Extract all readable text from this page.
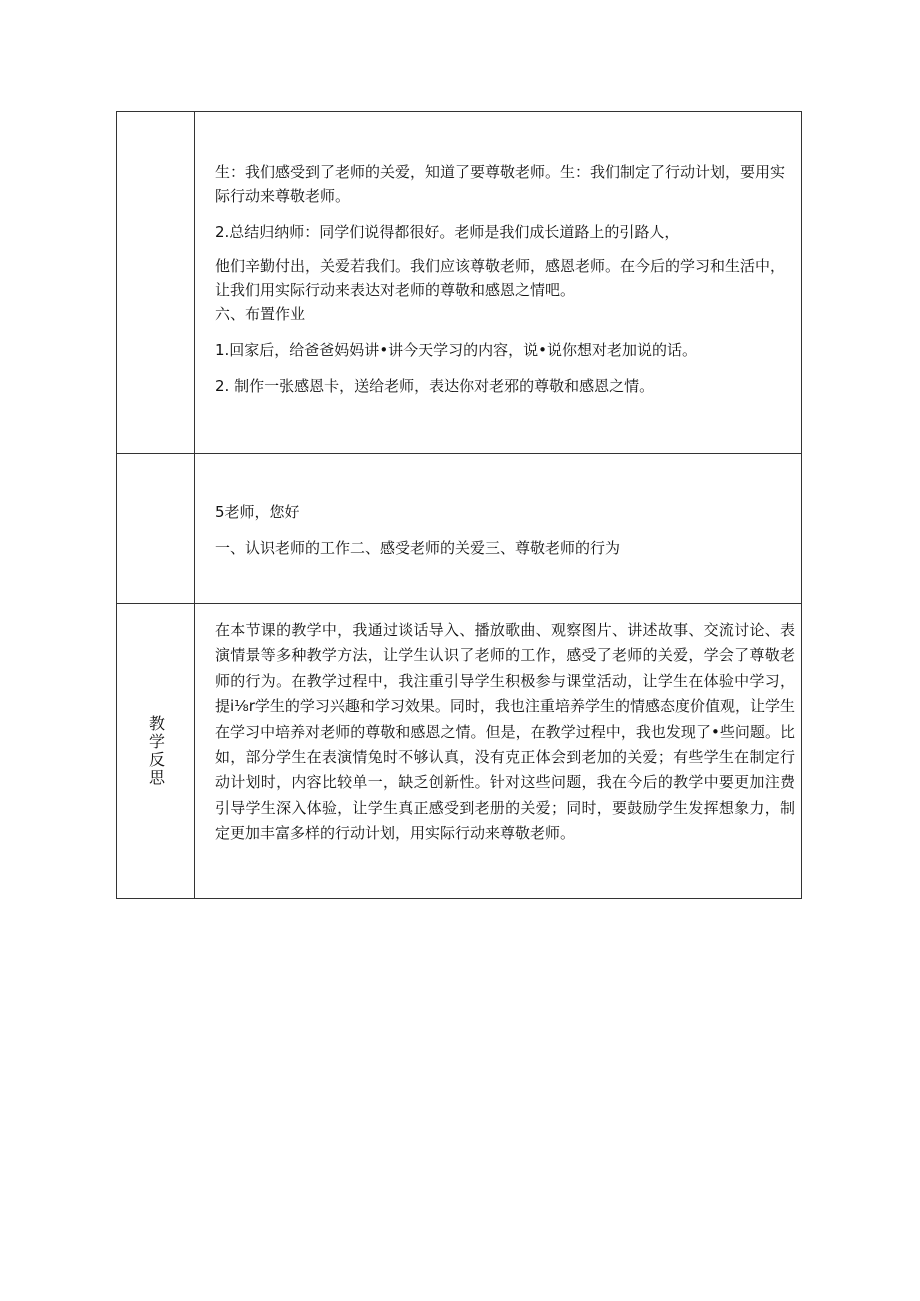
生：我们感受到了老师的关爱，知道了要尊敬老师。生：我们制定了行动计划，要用实际行动来尊敬老师。

2.总结归纳师：同学们说得都很好。老师是我们成长道路上的引路人，

他们辛勤付出，关爱若我们。我们应该尊敬老师，感恩老师。在今后的学习和生活中，让我们用实际行动来表达对老师的尊敬和感恩之情吧。

六、布置作业

1.回家后，给爸爸妈妈讲•讲今天学习的内容，说•说你想对老加说的话。

2. 制作一张感恩卡，送给老师，表达你对老邪的尊敬和感恩之情。

5老师，您好

一、认识老师的工作二、感受老师的关爱三、尊敬老师的行为

教学反思

在本节课的教学中，我通过谈话导入、播放歌曲、观察图片、讲述故事、交流讨论、表演情景等多种教学方法，让学生认识了老师的工作，感受了老师的关爱，学会了尊敬老师的行为。在教学过程中，我注重引导学生积极参与课堂活动，让学生在体验中学习，提i⅛r学生的学习兴趣和学习效果。同时，我也注重培养学生的情感态度价值观，让学生在学习中培养对老师的尊敬和感恩之情。但是，在教学过程中，我也发现了•些问题。比如，部分学生在表演情兔时不够认真，没有克正体会到老加的关爱；有些学生在制定行动计划时，内容比较单一，缺乏创新性。针对这些问题，我在今后的教学中要更加注费引导学生深入体验，让学生真正感受到老册的关爱；同时，要鼓励学生发挥想象力，制定更加丰富多样的行动计划，用实际行动来尊敬老师。
